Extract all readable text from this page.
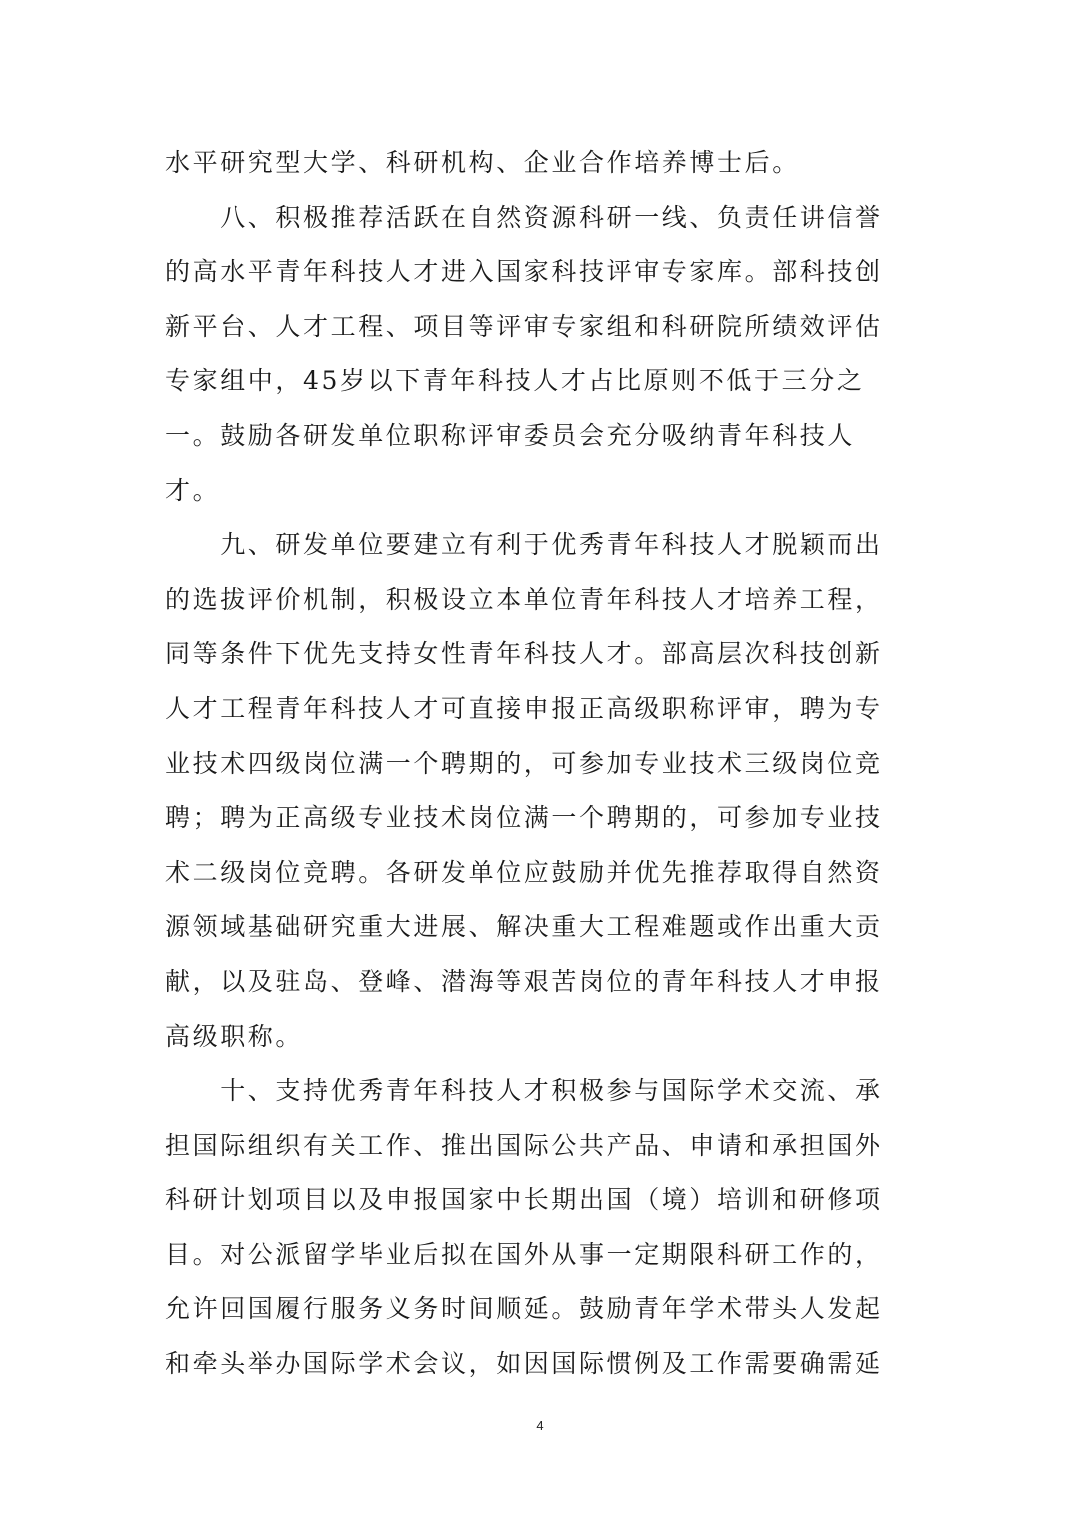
水平研究型大学、科研机构、企业合作培养博士后。
　　八、积极推荐活跃在自然资源科研一线、负责任讲信誉
的高水平青年科技人才进入国家科技评审专家库。部科技创
新平台、人才工程、项目等评审专家组和科研院所绩效评估
专家组中，45岁以下青年科技人才占比原则不低于三分之
一。鼓励各研发单位职称评审委员会充分吸纳青年科技人
才。
　　九、研发单位要建立有利于优秀青年科技人才脱颖而出
的选拔评价机制，积极设立本单位青年科技人才培养工程，
同等条件下优先支持女性青年科技人才。部高层次科技创新
人才工程青年科技人才可直接申报正高级职称评审，聘为专
业技术四级岗位满一个聘期的，可参加专业技术三级岗位竞
聘；聘为正高级专业技术岗位满一个聘期的，可参加专业技
术二级岗位竞聘。各研发单位应鼓励并优先推荐取得自然资
源领域基础研究重大进展、解决重大工程难题或作出重大贡
献，以及驻岛、登峰、潜海等艰苦岗位的青年科技人才申报
高级职称。
　　十、支持优秀青年科技人才积极参与国际学术交流、承
担国际组织有关工作、推出国际公共产品、申请和承担国外
科研计划项目以及申报国家中长期出国（境）培训和研修项
目。对公派留学毕业后拟在国外从事一定期限科研工作的，
允许回国履行服务义务时间顺延。鼓励青年学术带头人发起
和牵头举办国际学术会议，如因国际惯例及工作需要确需延
4
